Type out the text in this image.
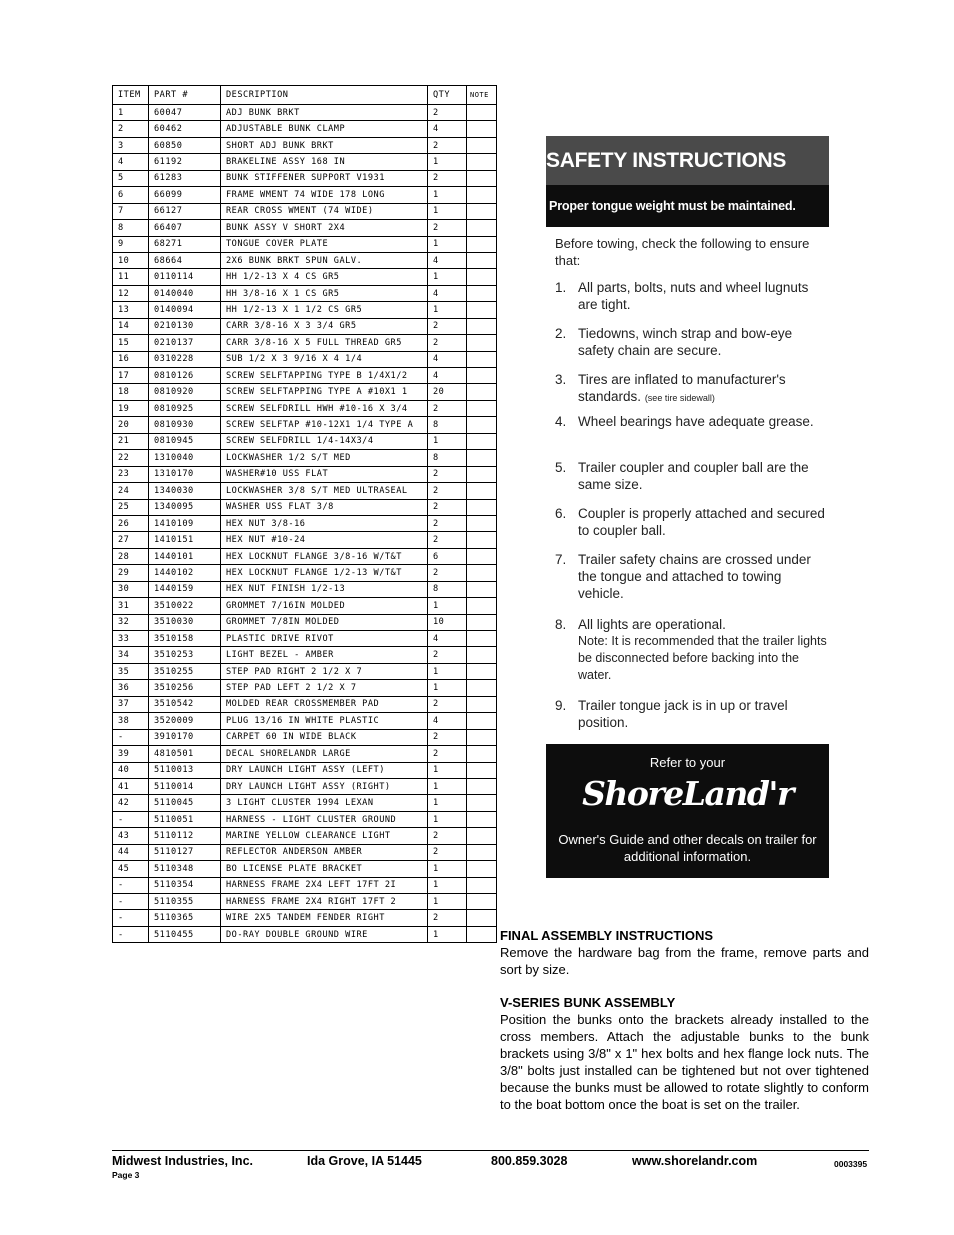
ITEM	PART #	DESCRIPTION	QTY	NOTE
1	60047	ADJ BUNK BRKT	2	
2	60462	ADJUSTABLE BUNK CLAMP	4	
3	60850	SHORT ADJ BUNK BRKT	2	
4	61192	BRAKELINE ASSY 168 IN	1	
5	61283	BUNK STIFFENER SUPPORT V1931	2	
6	66099	FRAME WMENT 74 WIDE 178 LONG	1	
7	66127	REAR CROSS WMENT (74 WIDE)	1	
8	66407	BUNK ASSY V SHORT 2X4	2	
9	68271	TONGUE COVER PLATE	1	
10	68664	2X6 BUNK BRKT SPUN GALV.	4	
11	0110114	HH 1/2-13 X 4 CS GR5	1	
12	0140040	HH 3/8-16 X 1 CS GR5	4	
13	0140094	HH 1/2-13 X 1 1/2 CS GR5	1	
14	0210130	CARR 3/8-16 X 3 3/4 GR5	2	
15	0210137	CARR 3/8-16 X 5 FULL THREAD GR5	2	
16	0310228	SUB 1/2 X 3 9/16 X 4 1/4	4	
17	0810126	SCREW SELFTAPPING TYPE B 1/4X1/2	4	
18	0810920	SCREW SELFTAPPING TYPE A #10X1 1	20	
19	0810925	SCREW SELFDRILL HWH #10-16 X 3/4	2	
20	0810930	SCREW SELFTAP #10-12X1 1/4 TYPE A	8	
21	0810945	SCREW SELFDRILL 1/4-14X3/4	1	
22	1310040	LOCKWASHER 1/2 S/T MED	8	
23	1310170	WASHER#10 USS FLAT	2	
24	1340030	LOCKWASHER 3/8 S/T MED ULTRASEAL	2	
25	1340095	WASHER USS FLAT 3/8	2	
26	1410109	HEX NUT 3/8-16	2	
27	1410151	HEX NUT #10-24	2	
28	1440101	HEX LOCKNUT FLANGE 3/8-16 W/T&T	6	
29	1440102	HEX LOCKNUT FLANGE 1/2-13 W/T&T	2	
30	1440159	HEX NUT FINISH 1/2-13	8	
31	3510022	GROMMET 7/16IN MOLDED	1	
32	3510030	GROMMET 7/8IN MOLDED	10	
33	3510158	PLASTIC DRIVE RIVOT	4	
34	3510253	LIGHT BEZEL - AMBER	2	
35	3510255	STEP PAD RIGHT 2 1/2 X 7	1	
36	3510256	STEP PAD LEFT 2 1/2 X 7	1	
37	3510542	MOLDED REAR CROSSMEMBER PAD	2	
38	3520009	PLUG 13/16 IN WHITE PLASTIC	4	
-	3910170	CARPET 60 IN WIDE BLACK	2	
39	4810501	DECAL SHORELANDR LARGE	2	
40	5110013	DRY LAUNCH LIGHT ASSY (LEFT)	1	
41	5110014	DRY LAUNCH LIGHT ASSY (RIGHT)	1	
42	5110045	3 LIGHT CLUSTER 1994 LEXAN	1	
-	5110051	HARNESS - LIGHT CLUSTER GROUND	1	
43	5110112	MARINE YELLOW CLEARANCE LIGHT	2	
44	5110127	REFLECTOR ANDERSON AMBER	2	
45	5110348	BO LICENSE PLATE BRACKET	1	
-	5110354	HARNESS FRAME 2X4 LEFT 17FT 2I	1	
-	5110355	HARNESS FRAME 2X4 RIGHT 17FT 2	1	
-	5110365	WIRE 2X5 TANDEM FENDER RIGHT	2	
-	5110455	DO-RAY DOUBLE GROUND WIRE	1	
SAFETY INSTRUCTIONS
Proper tongue weight must be maintained.
Before towing, check the following to ensure that:
1. All parts, bolts, nuts and wheel lugnuts are tight.
2. Tiedowns, winch strap and bow-eye safety chain are secure.
3. Tires are inflated to manufacturer's standards. (see tire sidewall)
4. Wheel bearings have adequate grease.
5. Trailer coupler and coupler ball are the same size.
6. Coupler is properly attached and secured to coupler ball.
7. Trailer safety chains are crossed under the tongue and attached to towing vehicle.
8. All lights are operational.
Note: It is recommended that the trailer lights be disconnected before backing into the water.
9. Trailer tongue jack is in up or travel position.
Refer to your
ShoreLand'r
Owner's Guide and other decals on trailer for additional information.
FINAL ASSEMBLY INSTRUCTIONS
Remove the hardware bag from the frame, remove parts and sort by size.
V-SERIES BUNK ASSEMBLY
Position the bunks onto the brackets already installed to the cross members. Attach the adjustable bunks to the bunk brackets using 3/8" x 1" hex bolts and hex flange lock nuts. The 3/8" bolts just installed can be tightened but not over tightened because the bunks must be allowed to rotate slightly to conform to the boat bottom once the boat is set on the trailer.
Midwest Industries, Inc.	Ida Grove, IA 51445	800.859.3028	www.shorelandr.com	0003395
Page 3
